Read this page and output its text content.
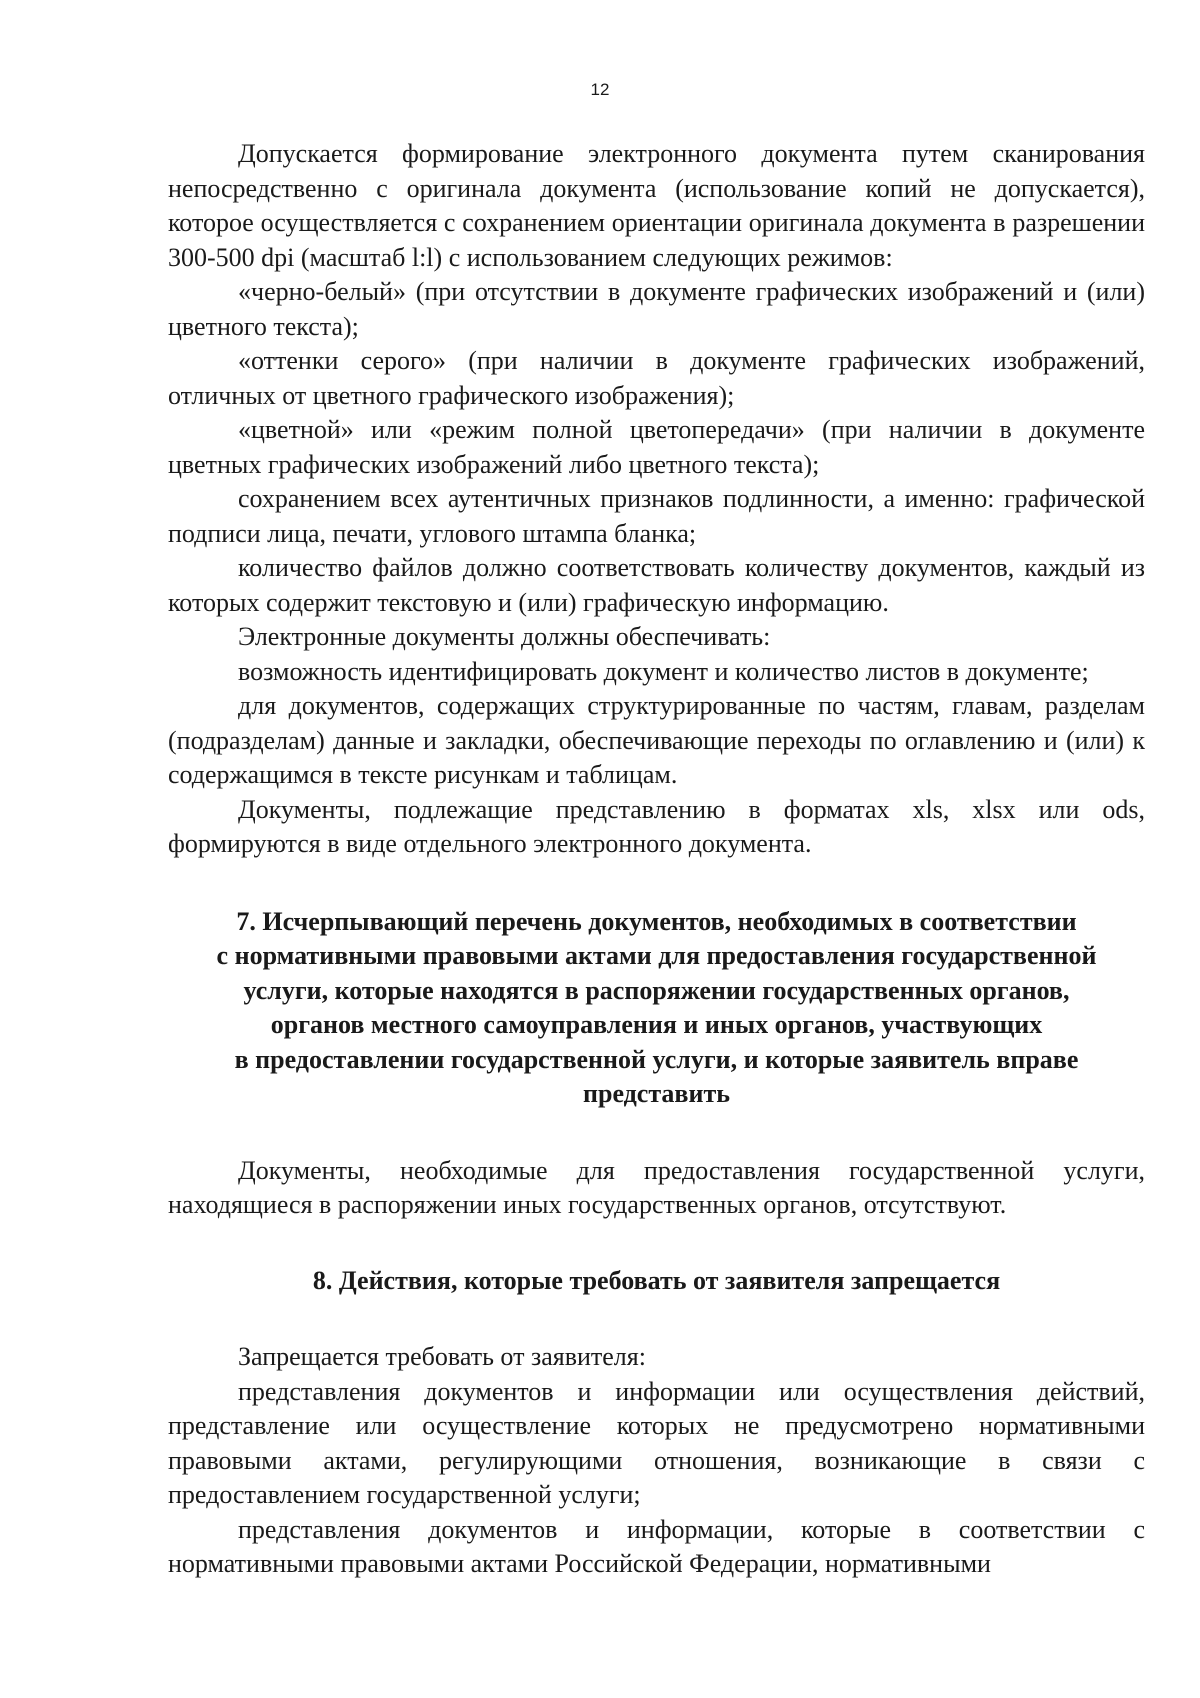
12

Допускается формирование электронного документа путем сканирования непосредственно с оригинала документа (использование копий не допускается), которое осуществляется с сохранением ориентации оригинала документа в разрешении 300-500 dpi (масштаб l:l) с использованием следующих режимов:

«черно-белый» (при отсутствии в документе графических изображений и (или) цветного текста);

«оттенки серого» (при наличии в документе графических изображений, отличных от цветного графического изображения);

«цветной» или «режим полной цветопередачи» (при наличии в документе цветных графических изображений либо цветного текста);

сохранением всех аутентичных признаков подлинности, а именно: графической подписи лица, печати, углового штампа бланка;

количество файлов должно соответствовать количеству документов, каждый из которых содержит текстовую и (или) графическую информацию.

Электронные документы должны обеспечивать:

возможность идентифицировать документ и количество листов в документе;

для документов, содержащих структурированные по частям, главам, разделам (подразделам) данные и закладки, обеспечивающие переходы по оглавлению и (или) к содержащимся в тексте рисункам и таблицам.

Документы, подлежащие представлению в форматах xls, xlsx или ods, формируются в виде отдельного электронного документа.

7. Исчерпывающий перечень документов, необходимых в соответствии
с нормативными правовыми актами для предоставления государственной
услуги, которые находятся в распоряжении государственных органов,
органов местного самоуправления и иных органов, участвующих
в предоставлении государственной услуги, и которые заявитель вправе
представить

Документы, необходимые для предоставления государственной услуги, находящиеся в распоряжении иных государственных органов, отсутствуют.

8. Действия, которые требовать от заявителя запрещается

Запрещается требовать от заявителя:

представления документов и информации или осуществления действий, представление или осуществление которых не предусмотрено нормативными правовыми актами, регулирующими отношения, возникающие в связи с предоставлением государственной услуги;

представления документов и информации, которые в соответствии с нормативными правовыми актами Российской Федерации, нормативными
